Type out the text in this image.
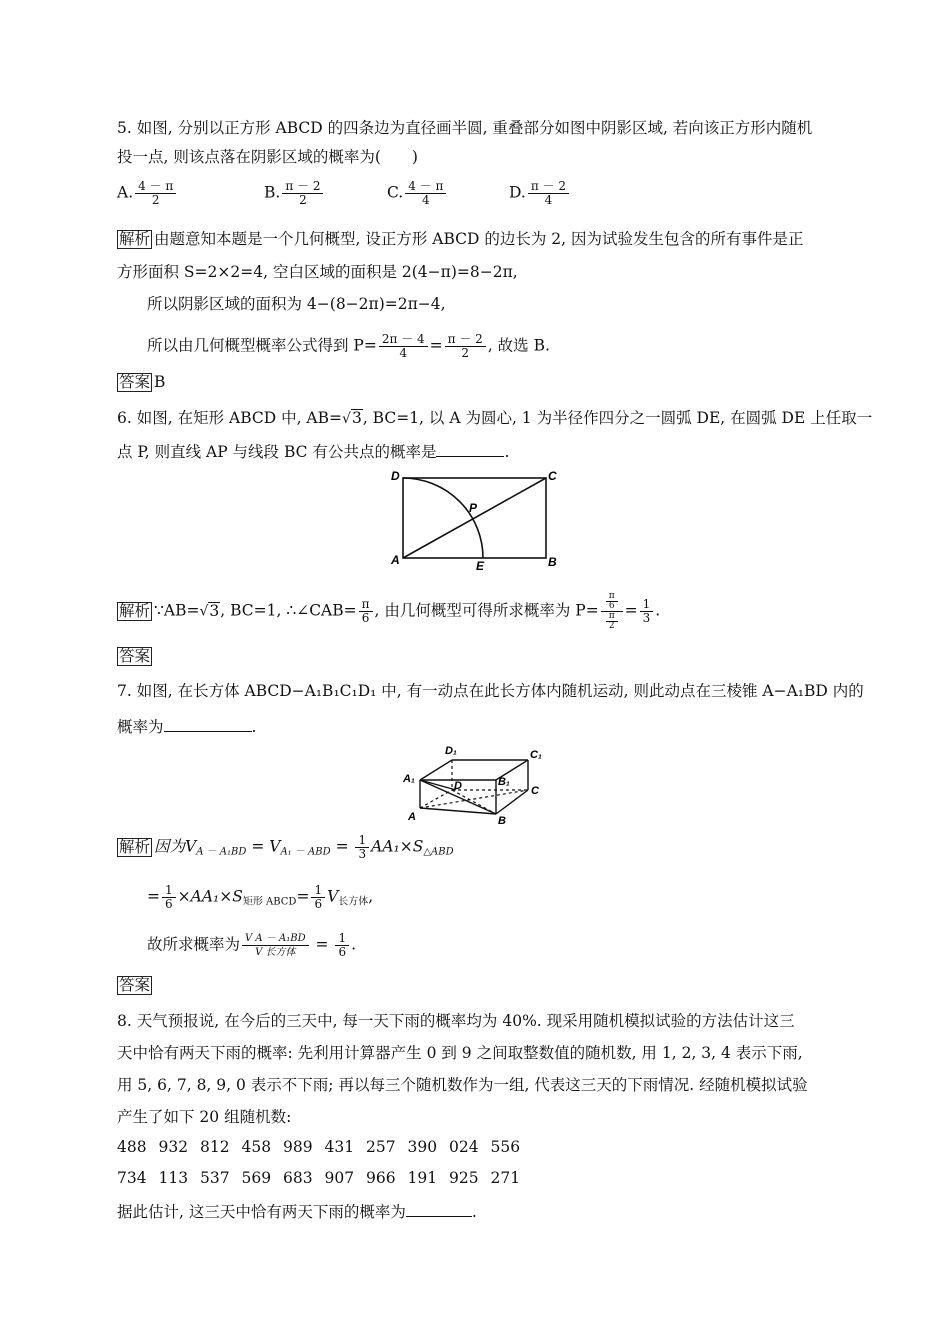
5. 如图, 分别以正方形 ABCD 的四条边为直径画半圆, 重叠部分如图中阴影区域, 若向该正方形内随机
投一点, 则该点落在阴影区域的概率为(　　)
A. $\frac{4 - \pi}{2}$	B. $\frac{\pi - 2}{2}$	C. $\frac{4 - \pi}{4}$	D. $\frac{\pi - 2}{4}$
解析 由题意知本题是一个几何概型, 设正方形 ABCD 的边长为 2, 因为试验发生包含的所有事件是正
方形面积 S=2×2=4, 空白区域的面积是 2(4−π)=8−2π,
所以阴影区域的面积为 4−(8−2π)=2π−4,
所以由几何概型概率公式得到 $P= \frac{2\pi - 4}{4} = \frac{\pi - 2}{2}$ , 故选 B.
答案 B
6. 如图, 在矩形 ABCD 中, AB=√3, BC=1, 以 A 为圆心, 1 为半径作四分之一圆弧 DE, 在圆弧 DE 上任取一
点 P, 则直线 AP 与线段 BC 有公共点的概率是	.
D	C
P
A	E	B
解析 ∵AB=√3, BC=1, ∴∠CAB= $\frac{\pi}{6}$ , 由几何概型可得所求概率为 $P= \frac{\frac{\pi}{6}}{\frac{\pi}{2}} = \frac{1}{3}$ .
答案
7. 如图, 在长方体 ABCD−A₁B₁C₁D₁ 中, 有一动点在此长方体内随机运动, 则此动点在三棱锥 A−A₁BD 内的
概率为	.
D₁	C₁
A₁
D	B₁
C
A	B
解析 因为$V_{A - A_1BD} = V_{A_1 - ABD} = \frac{1}{3} AA_1\times S_{\triangle ABD}$
= $\frac{1}{6} \times AA_1\times S_{矩形 ABCD}= \frac{1}{6} V_{长方体}$,
故所求概率为 $\frac{\text{V A － A₁BD}}{\text{V 长方体}} = \frac{1}{6}$ .
答案
8. 天气预报说, 在今后的三天中, 每一天下雨的概率均为 40%. 现采用随机模拟试验的方法估计这三
天中恰有两天下雨的概率: 先利用计算器产生 0 到 9 之间取整数值的随机数, 用 1, 2, 3, 4 表示下雨,
用 5, 6, 7, 8, 9, 0 表示不下雨; 再以每三个随机数作为一组, 代表这三天的下雨情况. 经随机模拟试验
产生了如下 20 组随机数:
488 932 812 458 989 431 257 390 024 556
734 113 537 569 683 907 966 191 925 271
据此估计, 这三天中恰有两天下雨的概率为	.
